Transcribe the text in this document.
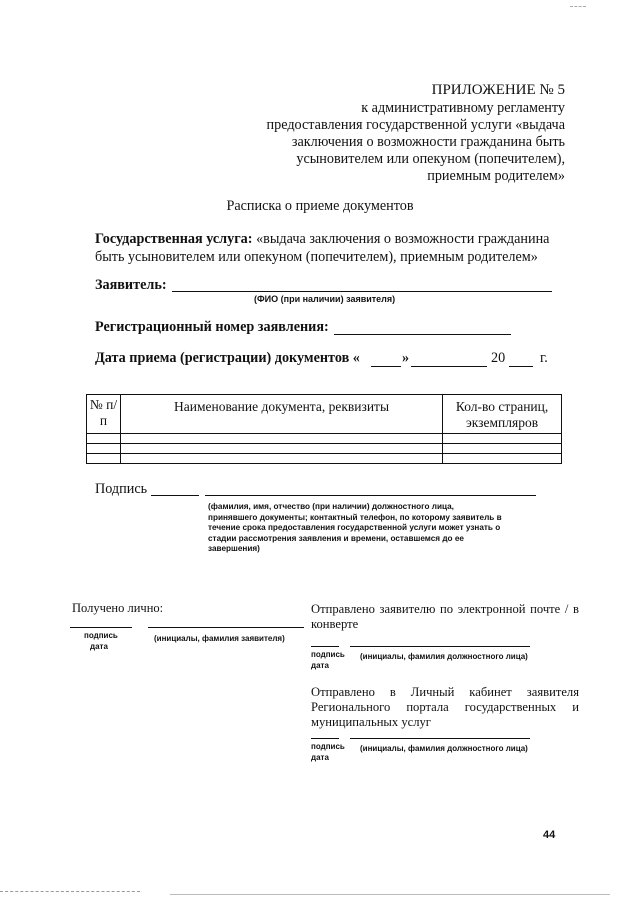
ПРИЛОЖЕНИЕ № 5
к административному регламенту
предоставления государственной услуги «выдача
заключения о возможности гражданина быть
усыновителем или опекуном (попечителем),
приемным родителем»
Расписка о приеме документов
Государственная услуга: «выдача заключения о возможности гражданина
быть усыновителем или опекуном (попечителем), приемным родителем»
Заявитель:
(ФИО (при наличии) заявителя)
Регистрационный номер заявления:
Дата приема (регистрации) документов «	»	20 г.
№ п/п	Наименование документа, реквизиты	Кол-во страниц, экземпляров

Подпись
(фамилия, имя, отчество (при наличии) должностного лица,
принявшего документы; контактный телефон, по которому заявитель в
течение срока предоставления государственной услуги может узнать о
стадии рассмотрения заявления и времени, оставшемся до ее
завершения)
Получено лично:
подпись
дата
(инициалы, фамилия заявителя)
Отправлено заявителю по электронной почте / в конверте
подпись
дата
(инициалы, фамилия должностного лица)
Отправлено в Личный кабинет заявителя Регионального портала государственных и муниципальных услуг
подпись
дата
(инициалы, фамилия должностного лица)
44
